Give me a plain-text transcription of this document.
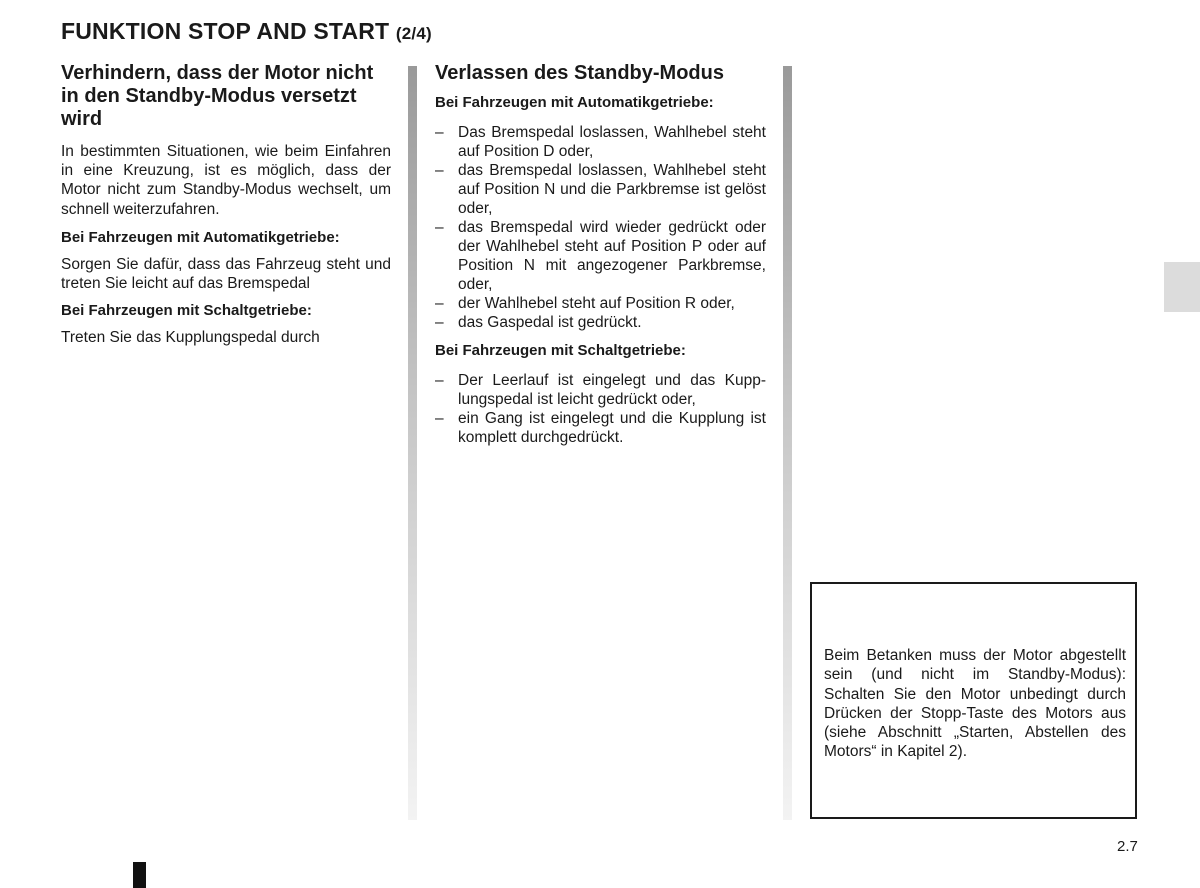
FUNKTION STOP AND START (2/4)
Verhindern, dass der Motor nicht in den Standby-Modus versetzt wird

In bestimmten Situationen, wie beim Einfahren in eine Kreuzung, ist es möglich, dass der Motor nicht zum Standby-Modus wechselt, um schnell weiterzufahren.

Bei Fahrzeugen mit Automatikgetriebe:

Sorgen Sie dafür, dass das Fahrzeug steht und treten Sie leicht auf das Bremspedal

Bei Fahrzeugen mit Schaltgetriebe:

Treten Sie das Kupplungspedal durch

Verlassen des Standby-Modus
Bei Fahrzeugen mit Automatikgetriebe:
– Das Bremspedal loslassen, Wahlhebel steht auf Position D oder,
– das Bremspedal loslassen, Wahlhebel steht auf Position N und die Parkbremse ist gelöst oder,
– das Bremspedal wird wieder gedrückt oder der Wahlhebel steht auf Position P oder auf Position N mit angezogener Parkbremse, oder,
– der Wahlhebel steht auf Position R oder,
– das Gaspedal ist gedrückt.
Bei Fahrzeugen mit Schaltgetriebe:
– Der Leerlauf ist eingelegt und das Kupplungspedal ist leicht gedrückt oder,
– ein Gang ist eingelegt und die Kupplung ist komplett durchgedrückt.

Beim Betanken muss der Motor abgestellt sein (und nicht im Standby-Modus): Schalten Sie den Motor unbedingt durch Drücken der Stopp-Taste des Motors aus (siehe Abschnitt „Starten, Abstellen des Motors“ in Kapitel 2).

2.7
